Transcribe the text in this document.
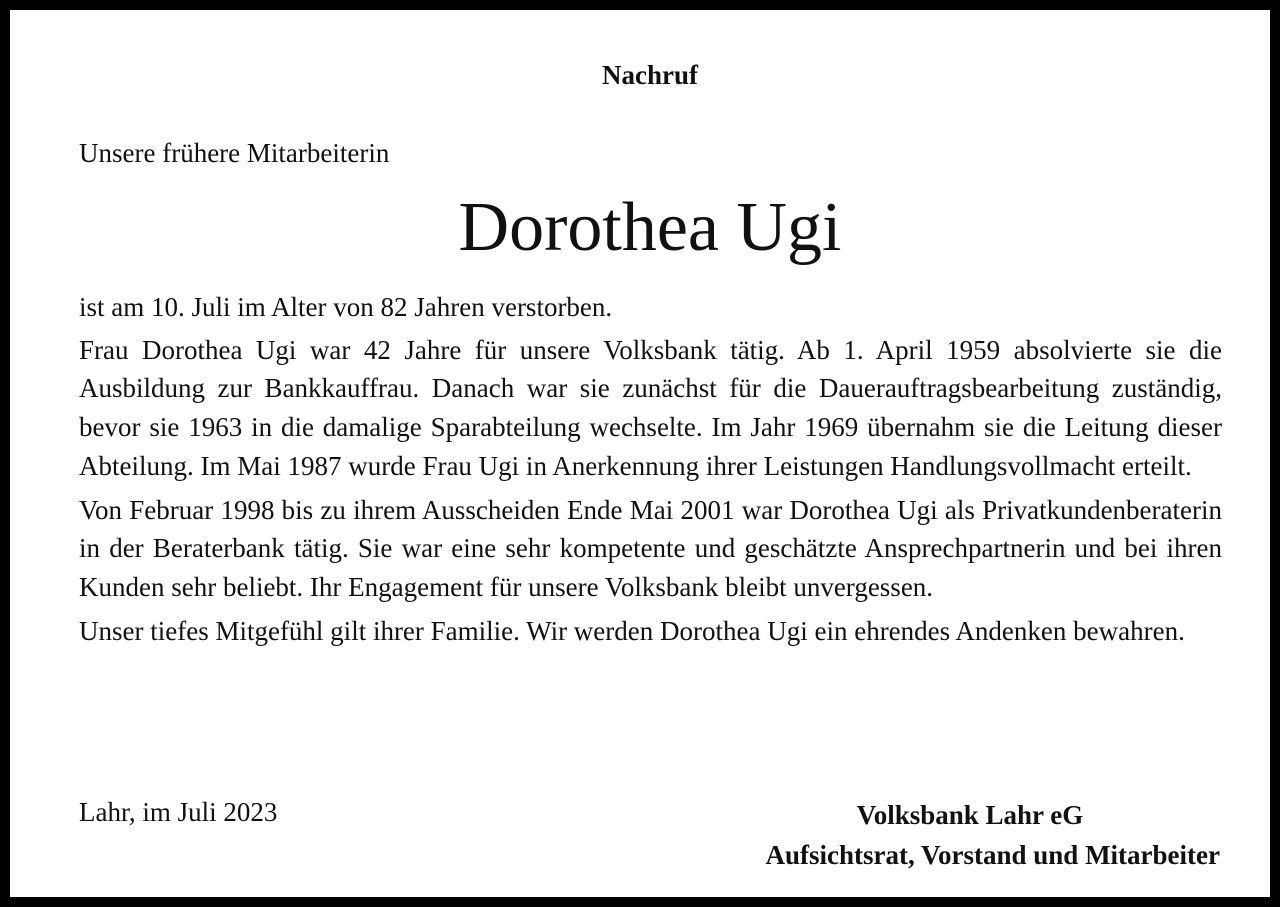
Nachruf
Unsere frühere Mitarbeiterin
Dorothea Ugi

ist am 10. Juli im Alter von 82 Jahren verstorben.

Frau Dorothea Ugi war 42 Jahre für unsere Volksbank tätig. Ab 1. April 1959 absolvierte sie die Ausbildung zur Bankkauffrau. Danach war sie zunächst für die Dauerauftragsbearbeitung zuständig, bevor sie 1963 in die damalige Sparabteilung wechselte. Im Jahr 1969 übernahm sie die Leitung dieser Abteilung. Im Mai 1987 wurde Frau Ugi in Anerkennung ihrer Leistungen Handlungsvollmacht erteilt.

Von Februar 1998 bis zu ihrem Ausscheiden Ende Mai 2001 war Dorothea Ugi als Privatkundenberaterin in der Beraterbank tätig. Sie war eine sehr kompetente und geschätzte Ansprechpartnerin und bei ihren Kunden sehr beliebt. Ihr Engagement für unsere Volksbank bleibt unvergessen.

Unser tiefes Mitgefühl gilt ihrer Familie. Wir werden Dorothea Ugi ein ehrendes Andenken bewahren.

Lahr, im Juli 2023	Volksbank Lahr eG
Aufsichtsrat, Vorstand und Mitarbeiter
